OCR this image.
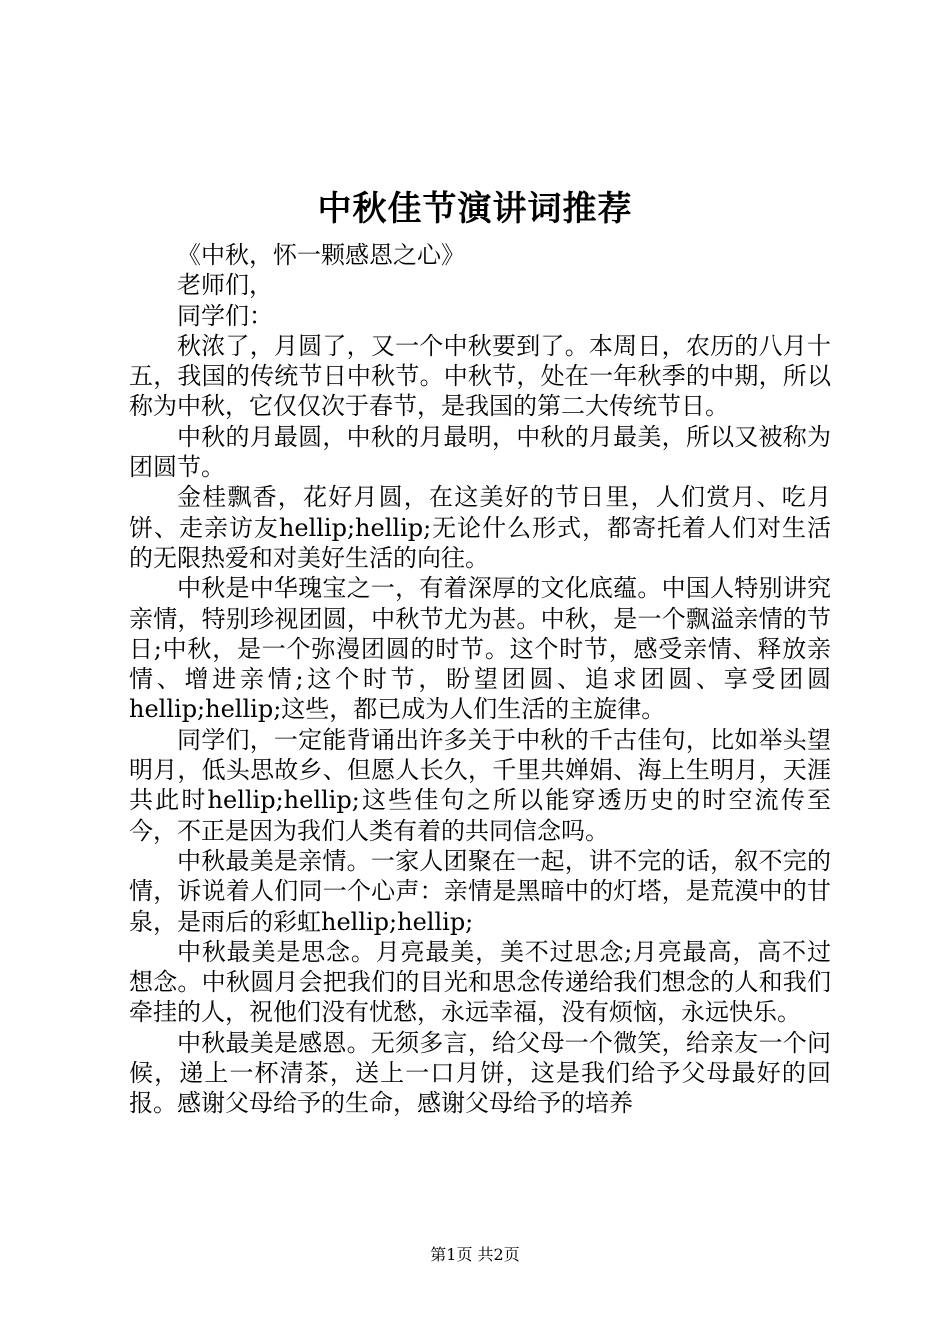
中秋佳节演讲词推荐

《中秋，怀一颗感恩之心》

老师们，

同学们：

秋浓了，月圆了，又一个中秋要到了。本周日，农历的八月十五，我国的传统节日中秋节。中秋节，处在一年秋季的中期，所以称为中秋，它仅仅次于春节，是我国的第二大传统节日。

中秋的月最圆，中秋的月最明，中秋的月最美，所以又被称为团圆节。

金桂飘香，花好月圆，在这美好的节日里，人们赏月、吃月饼、走亲访友hellip;hellip;无论什么形式，都寄托着人们对生活的无限热爱和对美好生活的向往。

中秋是中华瑰宝之一，有着深厚的文化底蕴。中国人特别讲究亲情，特别珍视团圆，中秋节尤为甚。中秋，是一个飘溢亲情的节日;中秋，是一个弥漫团圆的时节。这个时节，感受亲情、释放亲情、增进亲情;这个时节，盼望团圆、追求团圆、享受团圆hellip;hellip;这些，都已成为人们生活的主旋律。

同学们，一定能背诵出许多关于中秋的千古佳句，比如举头望明月，低头思故乡、但愿人长久，千里共婵娟、海上生明月，天涯共此时hellip;hellip;这些佳句之所以能穿透历史的时空流传至今，不正是因为我们人类有着的共同信念吗。

中秋最美是亲情。一家人团聚在一起，讲不完的话，叙不完的情，诉说着人们同一个心声：亲情是黑暗中的灯塔，是荒漠中的甘泉，是雨后的彩虹hellip;hellip;

中秋最美是思念。月亮最美，美不过思念;月亮最高，高不过想念。中秋圆月会把我们的目光和思念传递给我们想念的人和我们牵挂的人，祝他们没有忧愁，永远幸福，没有烦恼，永远快乐。

中秋最美是感恩。无须多言，给父母一个微笑，给亲友一个问候，递上一杯清茶，送上一口月饼，这是我们给予父母最好的回报。感谢父母给予的生命，感谢父母给予的培养

第1页 共2页
